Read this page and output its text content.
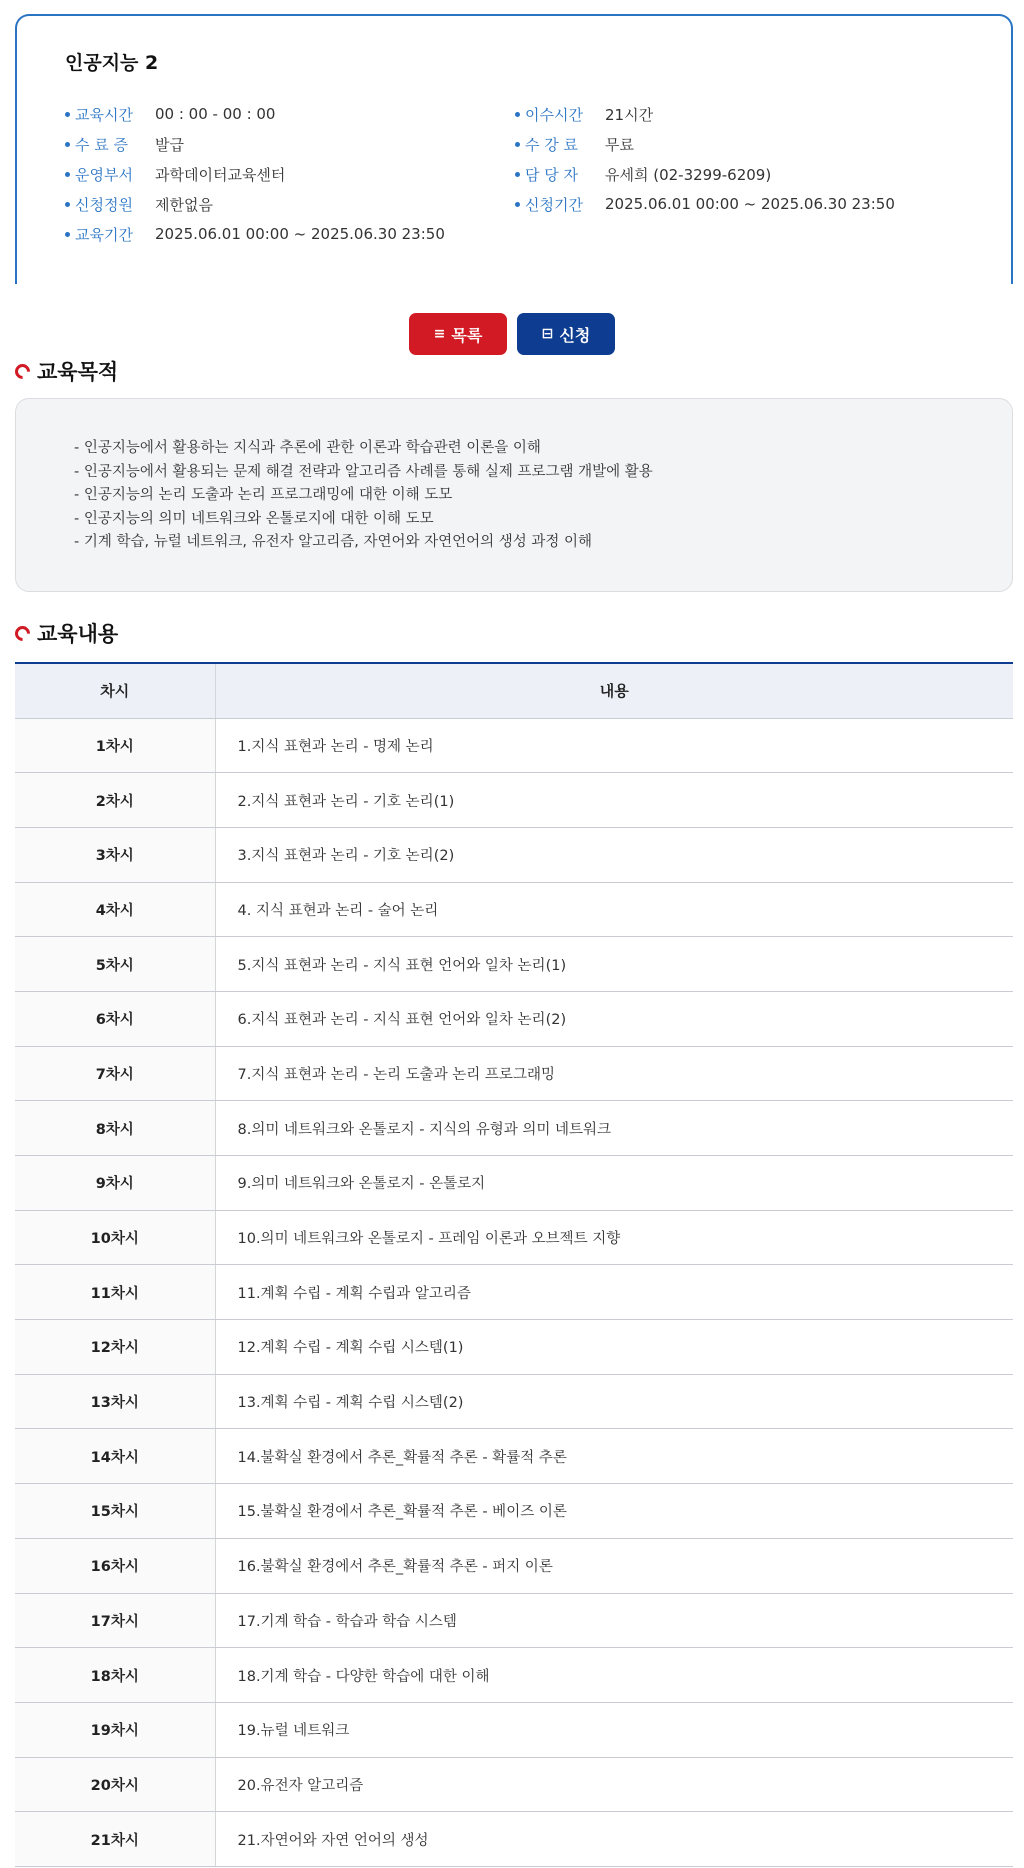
인공지능 2
교육시간	00 : 00 - 00 : 00	이수시간	21시간
수 료 증	발급	수 강 료	무료
운영부서	과학데이터교육센터	담 당 자	유세희 (02-3299-6209)
신청정원	제한없음	신청기간	2025.06.01 00:00 ~ 2025.06.30 23:50
교육기간	2025.06.01 00:00 ~ 2025.06.30 23:50
≡ 목록	⊟ 신청
교육목적
- 인공지능에서 활용하는 지식과 추론에 관한 이론과 학습관련 이론을 이해
- 인공지능에서 활용되는 문제 해결 전략과 알고리즘 사례를 통해 실제 프로그램 개발에 활용
- 인공지능의 논리 도출과 논리 프로그래밍에 대한 이해 도모
- 인공지능의 의미 네트워크와 온톨로지에 대한 이해 도모
- 기계 학습, 뉴럴 네트워크, 유전자 알고리즘, 자연어와 자연언어의 생성 과정 이해
교육내용
차시	내용
1차시	1.지식 표현과 논리 - 명제 논리
2차시	2.지식 표현과 논리 - 기호 논리(1)
3차시	3.지식 표현과 논리 - 기호 논리(2)
4차시	4. 지식 표현과 논리 - 술어 논리
5차시	5.지식 표현과 논리 - 지식 표현 언어와 일차 논리(1)
6차시	6.지식 표현과 논리 - 지식 표현 언어와 일차 논리(2)
7차시	7.지식 표현과 논리 - 논리 도출과 논리 프로그래밍
8차시	8.의미 네트워크와 온톨로지 - 지식의 유형과 의미 네트워크
9차시	9.의미 네트워크와 온톨로지 - 온톨로지
10차시	10.의미 네트워크와 온톨로지 - 프레임 이론과 오브젝트 지향
11차시	11.계획 수립 - 계획 수립과 알고리즘
12차시	12.계획 수립 - 계획 수립 시스템(1)
13차시	13.계획 수립 - 계획 수립 시스템(2)
14차시	14.불확실 환경에서 추론_확률적 추론 - 확률적 추론
15차시	15.불확실 환경에서 추론_확률적 추론 - 베이즈 이론
16차시	16.불확실 환경에서 추론_확률적 추론 - 퍼지 이론
17차시	17.기계 학습 - 학습과 학습 시스템
18차시	18.기계 학습 - 다양한 학습에 대한 이해
19차시	19.뉴럴 네트워크
20차시	20.유전자 알고리즘
21차시	21.자연어와 자연 언어의 생성
